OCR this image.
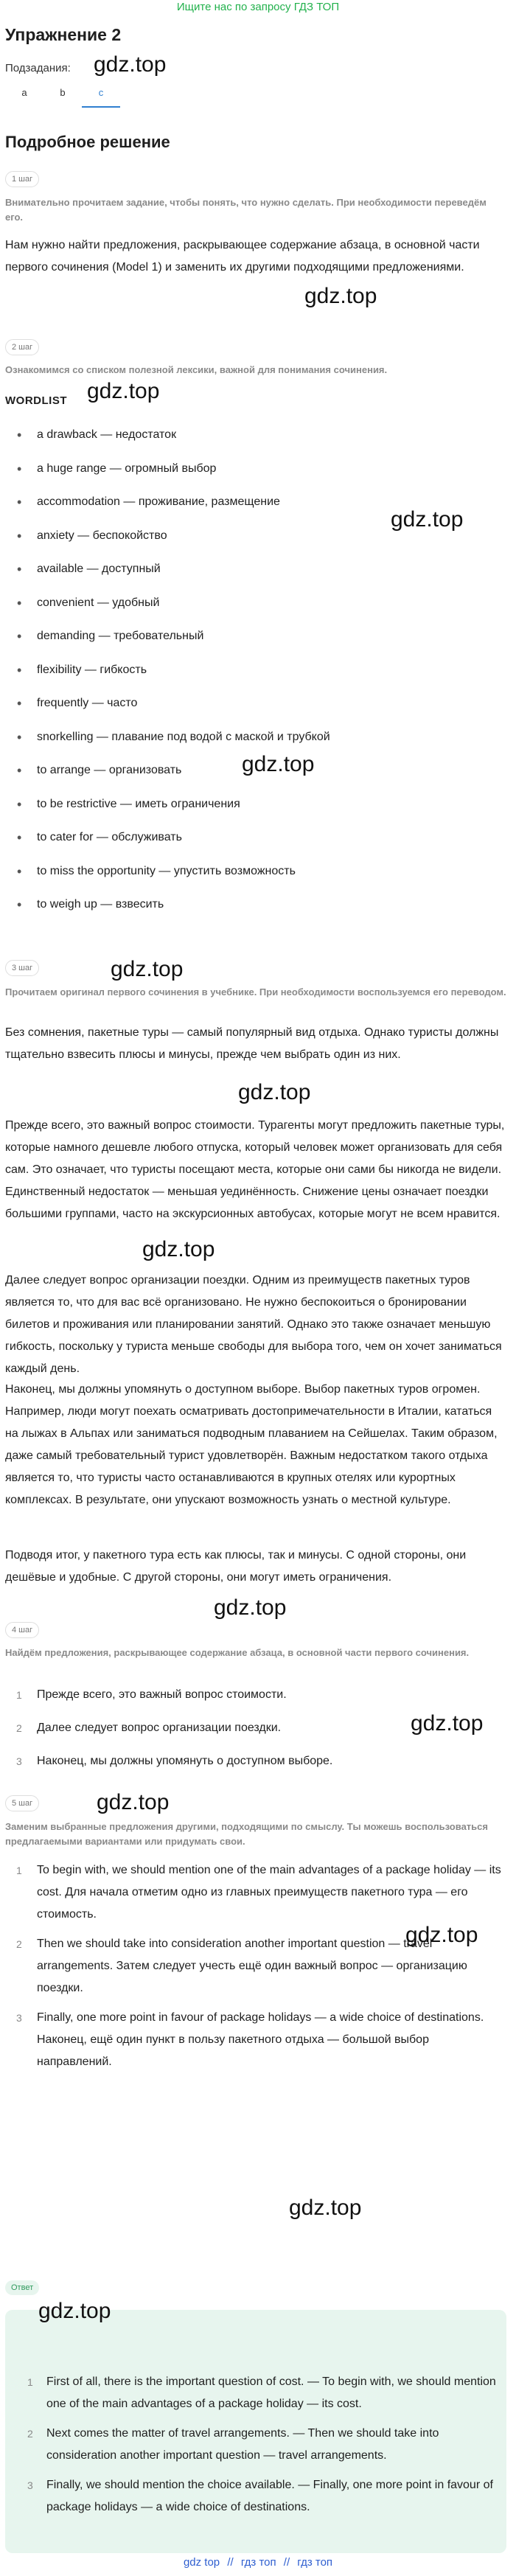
Ищите нас по запросу ГДЗ ТОП
Упражнение 2
Подзадания: gdz.top
a	b	c
Подробное решение
1 шаг
Внимательно прочитаем задание, чтобы понять, что нужно сделать. При необходимости переведём его.
Нам нужно найти предложения, раскрывающее содержание абзаца, в основной части первого сочинения (Model 1) и заменить их другими подходящими предложениями.
gdz.top
2 шаг
Ознакомимся со списком полезной лексики, важной для понимания сочинения.
WORDLIST gdz.top
• a drawback — недостаток
• a huge range — огромный выбор
• accommodation — проживание, размещение
• anxiety — беспокойство
• available — доступный
• convenient — удобный
• demanding — требовательный
• flexibility — гибкость
• frequently — часто
• snorkelling — плавание под водой с маской и трубкой
• to arrange — организовать
• to be restrictive — иметь ограничения
• to cater for — обслуживать
• to miss the opportunity — упустить возможность
• to weigh up — взвесить
gdz.top
gdz.top
3 шаг	gdz.top
Прочитаем оригинал первого сочинения в учебнике. При необходимости воспользуемся его переводом.
Без сомнения, пакетные туры — самый популярный вид отдыха. Однако туристы должны тщательно взвесить плюсы и минусы, прежде чем выбрать один из них.
gdz.top
Прежде всего, это важный вопрос стоимости. Турагенты могут предложить пакетные туры, которые намного дешевле любого отпуска, который человек может организовать для себя сам. Это означает, что туристы посещают места, которые они сами бы никогда не видели. Единственный недостаток — меньшая уединённость. Снижение цены означает поездки большими группами, часто на экскурсионных автобусах, которые могут не всем нравится.
gdz.top
Далее следует вопрос организации поездки. Одним из преимуществ пакетных туров является то, что для вас всё организовано. Не нужно беспокоиться о бронировании билетов и проживания или планировании занятий. Однако это также означает меньшую гибкость, поскольку у туриста меньше свободы для выбора того, чем он хочет заниматься каждый день.
Наконец, мы должны упомянуть о доступном выборе. Выбор пакетных туров огромен. Например, люди могут поехать осматривать достопримечательности в Италии, кататься на лыжах в Альпах или заниматься подводным плаванием на Сейшелах. Таким образом, даже самый требовательный турист удовлетворён. Важным недостатком такого отдыха является то, что туристы часто останавливаются в крупных отелях или курортных комплексах. В результате, они упускают возможность узнать о местной культуре.
Подводя итог, у пакетного тура есть как плюсы, так и минусы. С одной стороны, они дешёвые и удобные. С другой стороны, они могут иметь ограничения.
gdz.top
4 шаг
Найдём предложения, раскрывающее содержание абзаца, в основной части первого сочинения.
1 Прежде всего, это важный вопрос стоимости.
2 Далее следует вопрос организации поездки.
3 Наконец, мы должны упомянуть о доступном выборе.
gdz.top
5 шаг	gdz.top
Заменим выбранные предложения другими, подходящими по смыслу. Ты можешь воспользоваться предлагаемыми вариантами или придумать свои.
1 To begin with, we should mention one of the main advantages of a package holiday — its cost. Для начала отметим одно из главных преимуществ пакетного тура — его стоимость.
2 Then we should take into consideration another important question — travel arrangements. Затем следует учесть ещё один важный вопрос — организацию поездки.
3 Finally, one more point in favour of package holidays — a wide choice of destinations. Наконец, ещё один пункт в пользу пакетного отдыха — большой выбор направлений.
gdz.top
gdz.top
Ответ
gdz.top
1 First of all, there is the important question of cost. — To begin with, we should mention one of the main advantages of a package holiday — its cost.
2 Next comes the matter of travel arrangements. — Then we should take into consideration another important question — travel arrangements.
3 Finally, we should mention the choice available. — Finally, one more point in favour of package holidays — a wide choice of destinations.
gdz top // гдз топ // гдз топ
